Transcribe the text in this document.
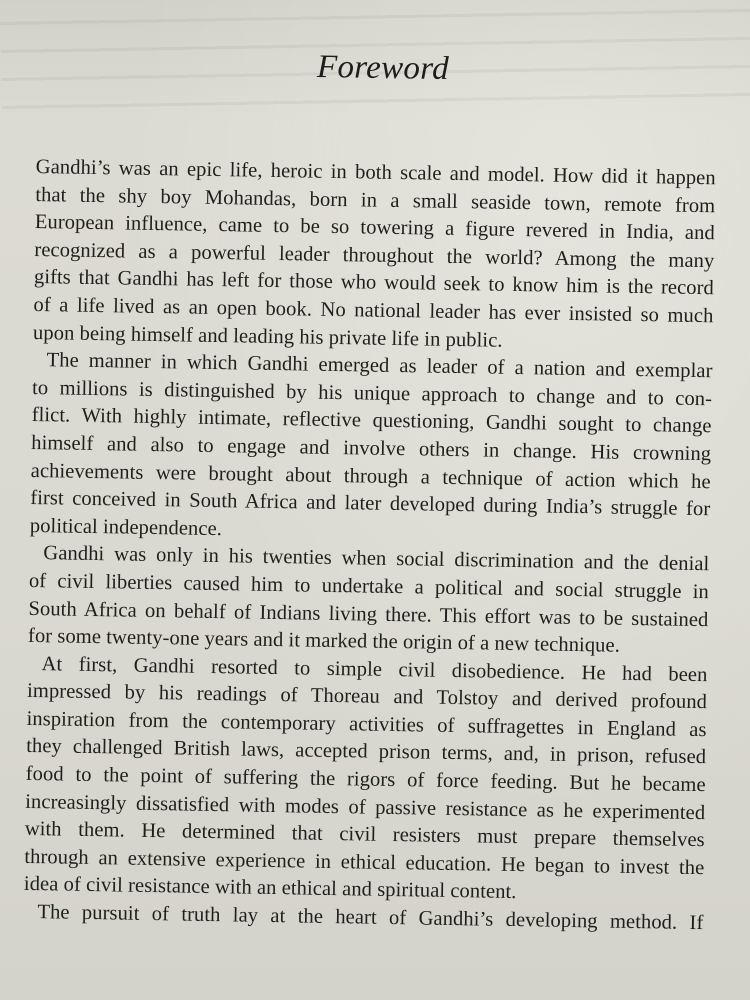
Foreword
Gandhi’s was an epic life, heroic in both scale and model. How did it happen
that the shy boy Mohandas, born in a small seaside town, remote from
European influence, came to be so towering a figure revered in India, and
recognized as a powerful leader throughout the world? Among the many
gifts that Gandhi has left for those who would seek to know him is the record
of a life lived as an open book. No national leader has ever insisted so much
upon being himself and leading his private life in public.
The manner in which Gandhi emerged as leader of a nation and exemplar
to millions is distinguished by his unique approach to change and to con-
flict. With highly intimate, reflective questioning, Gandhi sought to change
himself and also to engage and involve others in change. His crowning
achievements were brought about through a technique of action which he
first conceived in South Africa and later developed during India’s struggle for
political independence.
Gandhi was only in his twenties when social discrimination and the denial
of civil liberties caused him to undertake a political and social struggle in
South Africa on behalf of Indians living there. This effort was to be sustained
for some twenty-one years and it marked the origin of a new technique.
At first, Gandhi resorted to simple civil disobedience. He had been
impressed by his readings of Thoreau and Tolstoy and derived profound
inspiration from the contemporary activities of suffragettes in England as
they challenged British laws, accepted prison terms, and, in prison, refused
food to the point of suffering the rigors of force feeding. But he became
increasingly dissatisfied with modes of passive resistance as he experimented
with them. He determined that civil resisters must prepare themselves
through an extensive experience in ethical education. He began to invest the
idea of civil resistance with an ethical and spiritual content.
The pursuit of truth lay at the heart of Gandhi’s developing method. If
